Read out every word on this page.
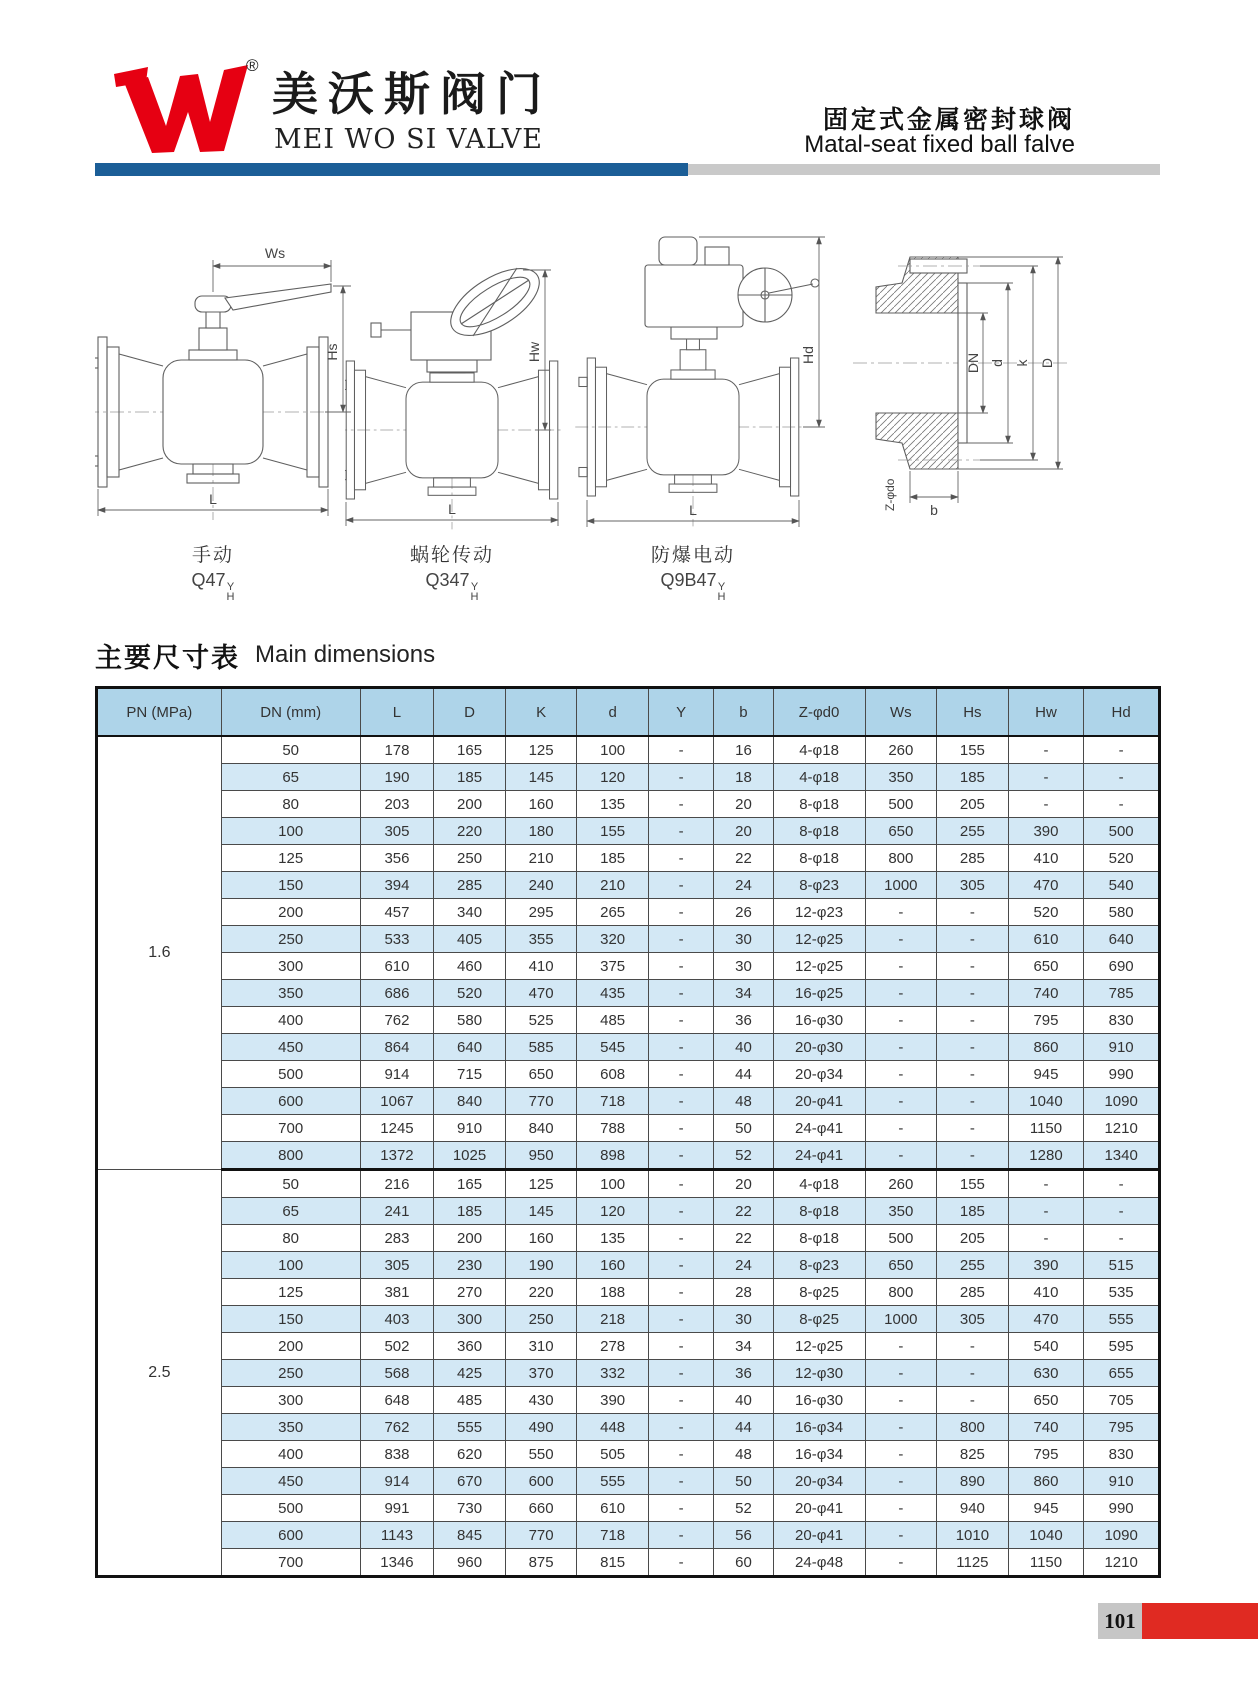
®
美沃斯阀门
MEI WO SI VALVE
固定式金属密封球阀
Matal-seat fixed ball falve
Ws
Hs
L
Hw
L
Hd
L
DN d k D
b
Z-φdo
手动
Q47 Y
H
蜗轮传动
Q347 Y
H
防爆电动
Q9B47 Y
H
主要尺寸表 Main dimensions
PN (MPa)	DN (mm)	L	D	K	d	Y	b	Z-φd0	Ws	Hs	Hw	Hd
1.6	50	178	165	125	100	-	16	4-φ18	260	155	-	-
	65	190	185	145	120	-	18	4-φ18	350	185	-	-
	80	203	200	160	135	-	20	8-φ18	500	205	-	-
	100	305	220	180	155	-	20	8-φ18	650	255	390	500
	125	356	250	210	185	-	22	8-φ18	800	285	410	520
	150	394	285	240	210	-	24	8-φ23	1000	305	470	540
	200	457	340	295	265	-	26	12-φ23	-	-	520	580
	250	533	405	355	320	-	30	12-φ25	-	-	610	640
	300	610	460	410	375	-	30	12-φ25	-	-	650	690
	350	686	520	470	435	-	34	16-φ25	-	-	740	785
	400	762	580	525	485	-	36	16-φ30	-	-	795	830
	450	864	640	585	545	-	40	20-φ30	-	-	860	910
	500	914	715	650	608	-	44	20-φ34	-	-	945	990
	600	1067	840	770	718	-	48	20-φ41	-	-	1040	1090
	700	1245	910	840	788	-	50	24-φ41	-	-	1150	1210
	800	1372	1025	950	898	-	52	24-φ41	-	-	1280	1340
2.5	50	216	165	125	100	-	20	4-φ18	260	155	-	-
	65	241	185	145	120	-	22	8-φ18	350	185	-	-
	80	283	200	160	135	-	22	8-φ18	500	205	-	-
	100	305	230	190	160	-	24	8-φ23	650	255	390	515
	125	381	270	220	188	-	28	8-φ25	800	285	410	535
	150	403	300	250	218	-	30	8-φ25	1000	305	470	555
	200	502	360	310	278	-	34	12-φ25	-	-	540	595
	250	568	425	370	332	-	36	12-φ30	-	-	630	655
	300	648	485	430	390	-	40	16-φ30	-	-	650	705
	350	762	555	490	448	-	44	16-φ34	-	800	740	795
	400	838	620	550	505	-	48	16-φ34	-	825	795	830
	450	914	670	600	555	-	50	20-φ34	-	890	860	910
	500	991	730	660	610	-	52	20-φ41	-	940	945	990
	600	1143	845	770	718	-	56	20-φ41	-	1010	1040	1090
	700	1346	960	875	815	-	60	24-φ48	-	1125	1150	1210
101
